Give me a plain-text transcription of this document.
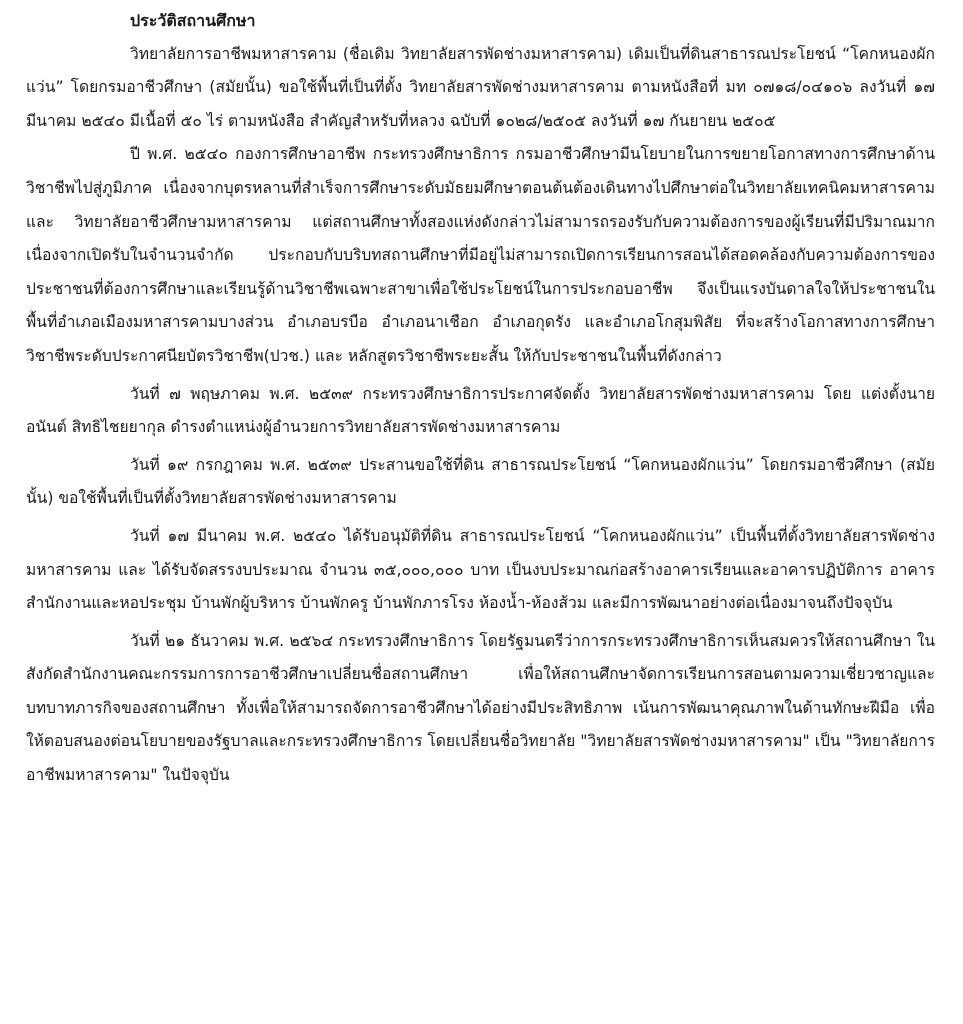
ประวัติสถานศึกษา

วิทยาลัยการอาชีพมหาสารคาม (ชื่อเดิม วิทยาลัยสารพัดช่างมหาสารคาม) เดิมเป็นที่ดินสาธารณประโยชน์ “โคกหนองผักแว่น” โดยกรมอาชีวศึกษา (สมัยนั้น) ขอใช้พื้นที่เป็นที่ตั้ง วิทยาลัยสารพัดช่างมหาสารคาม ตามหนังสือที่ มท ๐๗๑๘/๐๔๑๐๖ ลงวันที่ ๑๗ มีนาคม ๒๕๔๐ มีเนื้อที่ ๕๐ ไร่ ตามหนังสือ สำคัญสำหรับที่หลวง ฉบับที่ ๑๐๒๘/๒๕๐๕ ลงวันที่ ๑๗ กันยายน ๒๕๐๕

ปี พ.ศ. ๒๕๔๐ กองการศึกษาอาชีพ กระทรวงศึกษาธิการ กรมอาชีวศึกษามีนโยบายในการขยายโอกาสทางการศึกษาด้านวิชาชีพไปสู่ภูมิภาค เนื่องจากบุตรหลานที่สำเร็จการศึกษาระดับมัธยมศึกษาตอนต้นต้องเดินทางไปศึกษาต่อในวิทยาลัยเทคนิคมหาสารคาม และ วิทยาลัยอาชีวศึกษามหาสารคาม แต่สถานศึกษาทั้งสองแห่งดังกล่าวไม่สามารถรองรับกับความต้องการของผู้เรียนที่มีปริมาณมาก เนื่องจากเปิดรับในจำนวนจำกัด ประกอบกับบริบทสถานศึกษาที่มีอยู่ไม่สามารถเปิดการเรียนการสอนได้สอดคล้องกับความต้องการของประชาชนที่ต้องการศึกษาและเรียนรู้ด้านวิชาชีพเฉพาะสาขาเพื่อใช้ประโยชน์ในการประกอบอาชีพ จึงเป็นแรงบันดาลใจให้ประชาชนในพื้นที่อำเภอเมืองมหาสารคามบางส่วน อำเภอบรบือ อำเภอนาเชือก อำเภอกุดรัง และอำเภอโกสุมพิสัย ที่จะสร้างโอกาสทางการศึกษาวิชาชีพระดับประกาศนียบัตรวิชาชีพ(ปวช.) และ หลักสูตรวิชาชีพระยะสั้น ให้กับประชาชนในพื้นที่ดังกล่าว

วันที่ ๗ พฤษภาคม พ.ศ. ๒๕๓๙ กระทรวงศึกษาธิการประกาศจัดตั้ง วิทยาลัยสารพัดช่างมหาสารคาม โดย แต่งตั้งนายอนันต์ สิทธิไชยยากุล ดำรงตำแหน่งผู้อำนวยการวิทยาลัยสารพัดช่างมหาสารคาม

วันที่ ๑๙ กรกฎาคม พ.ศ. ๒๕๓๙ ประสานขอใช้ที่ดิน สาธารณประโยชน์ “โคกหนองผักแว่น” โดยกรมอาชีวศึกษา (สมัยนั้น) ขอใช้พื้นที่เป็นที่ตั้งวิทยาลัยสารพัดช่างมหาสารคาม

วันที่ ๑๗ มีนาคม พ.ศ. ๒๕๔๐ ได้รับอนุมัติที่ดิน สาธารณประโยชน์ “โคกหนองผักแว่น” เป็นพื้นที่ตั้งวิทยาลัยสารพัดช่างมหาสารคาม และ ได้รับจัดสรรงบประมาณ จำนวน ๓๕,๐๐๐,๐๐๐ บาท เป็นงบประมาณก่อสร้างอาคารเรียนและอาคารปฏิบัติการ อาคารสำนักงานและหอประชุม บ้านพักผู้บริหาร บ้านพักครู บ้านพักภารโรง ห้องน้ำ-ห้องส้วม และมีการพัฒนาอย่างต่อเนื่องมาจนถึงปัจจุบัน

วันที่ ๒๑ ธันวาคม พ.ศ. ๒๕๖๔ กระทรวงศึกษาธิการ โดยรัฐมนตรีว่าการกระทรวงศึกษาธิการเห็นสมควรให้สถานศึกษา ในสังกัดสำนักงานคณะกรรมการการอาชีวศึกษาเปลี่ยนชื่อสถานศึกษา เพื่อให้สถานศึกษาจัดการเรียนการสอนตามความเชี่ยวชาญและบทบาทภารกิจของสถานศึกษา ทั้งเพื่อให้สามารถจัดการอาชีวศึกษาได้อย่างมีประสิทธิภาพ เน้นการพัฒนาคุณภาพในด้านทักษะฝีมือ เพื่อให้ตอบสนองต่อนโยบายของรัฐบาลและกระทรวงศึกษาธิการ โดยเปลี่ยนชื่อวิทยาลัย "วิทยาลัยสารพัดช่างมหาสารคาม" เป็น "วิทยาลัยการอาชีพมหาสารคาม" ในปัจจุบัน
